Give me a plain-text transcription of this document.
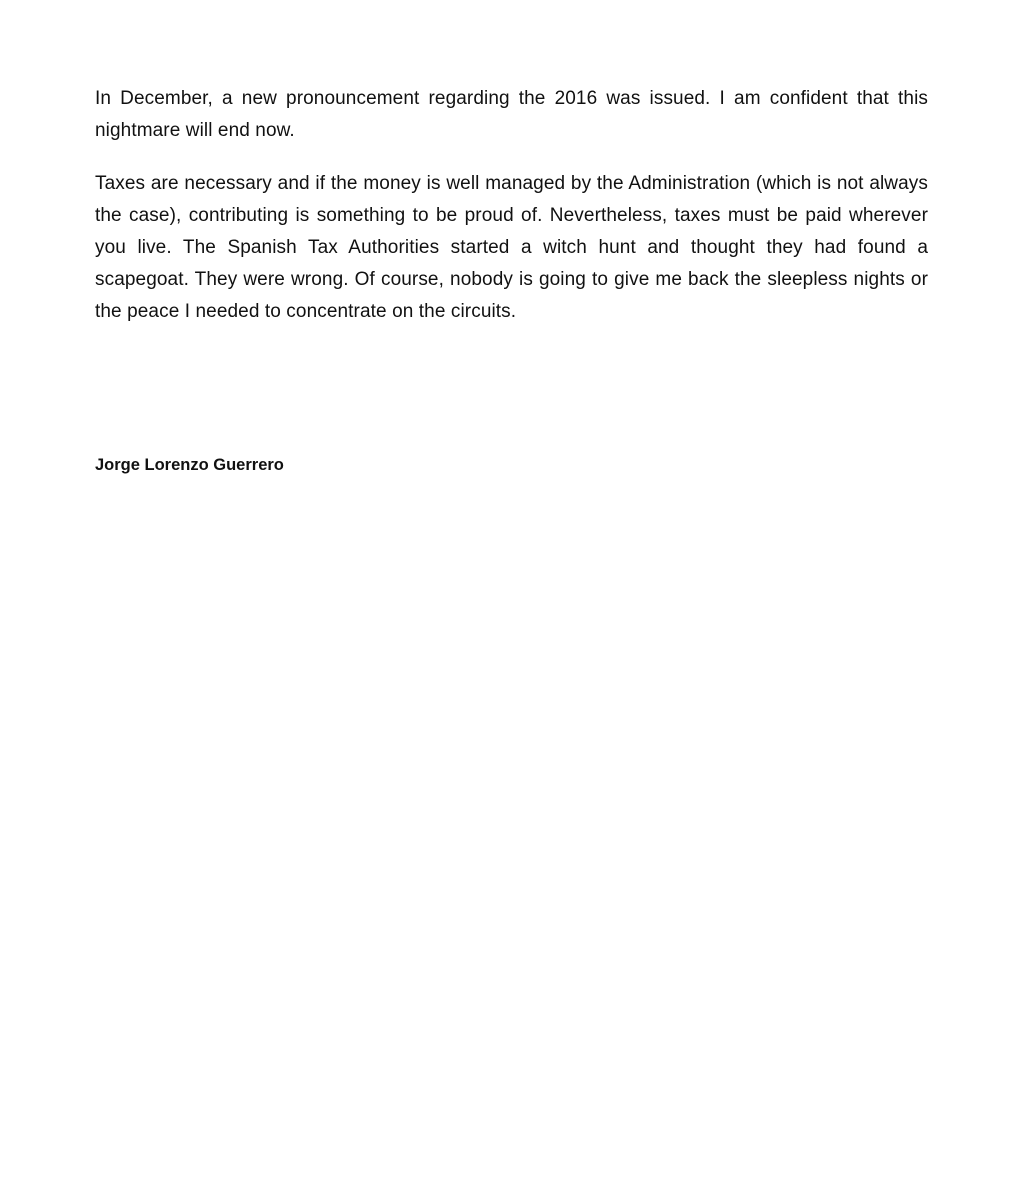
In December, a new pronouncement regarding the 2016 was issued. I am confident that this nightmare will end now.

Taxes are necessary and if the money is well managed by the Administration (which is not always the case), contributing is something to be proud of. Nevertheless, taxes must be paid wherever you live. The Spanish Tax Authorities started a witch hunt and thought they had found a scapegoat. They were wrong. Of course, nobody is going to give me back the sleepless nights or the peace I needed to concentrate on the circuits.

Jorge Lorenzo Guerrero
